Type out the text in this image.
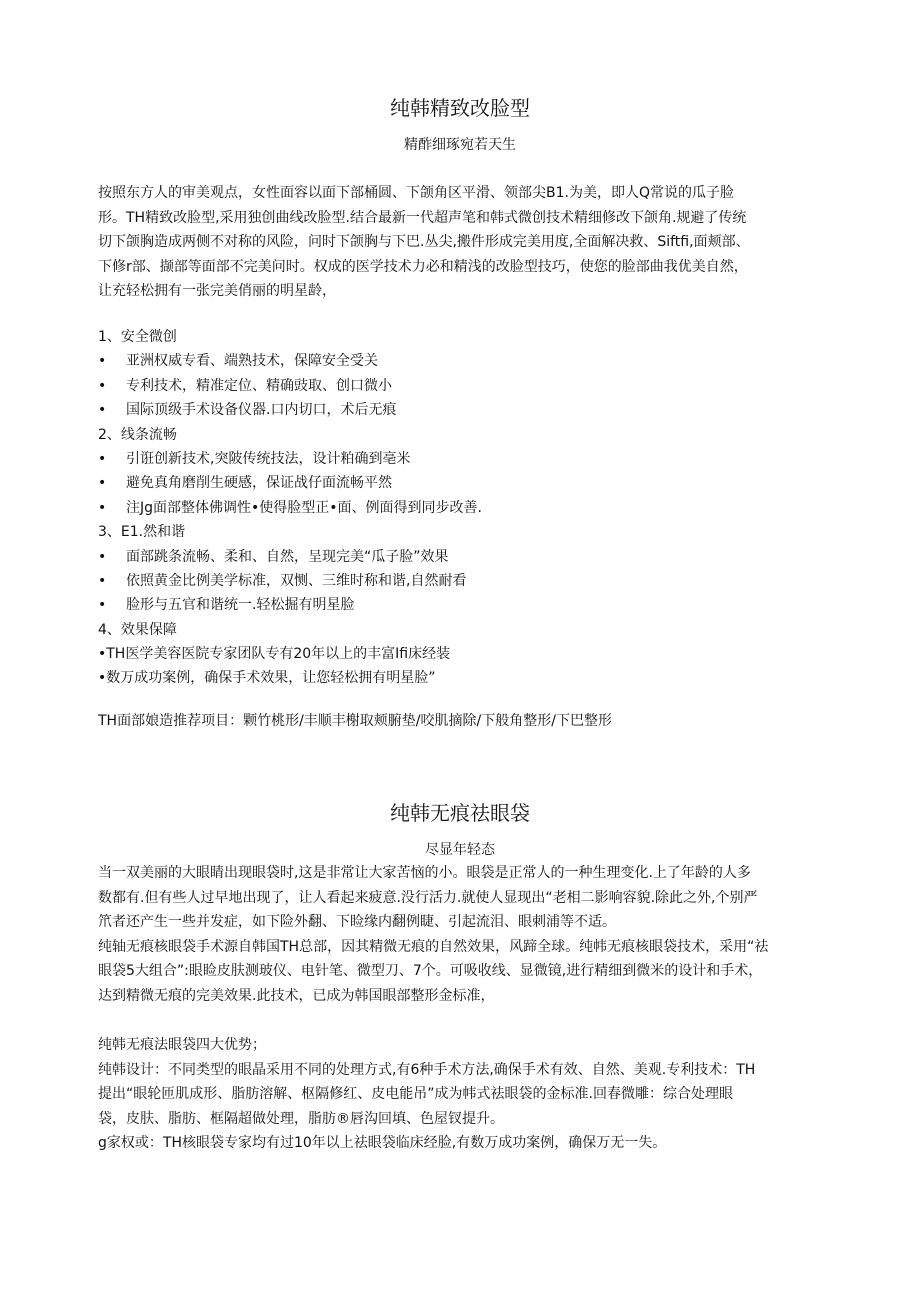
纯韩精致改脸型
精酢细琢宛若天生
按照东方人的审美观点，女性面容以面下部桶圆、下颌角区平滑、领部尖B1.为美，即人Q常说的瓜子脸
形。TH精致改脸型,采用独创曲线改脸型.结合最新一代超声笔和韩式微创技术精细修改下颌角.规避了传统
切下颌胸造成两侧不对称的风险，问时下颌胸与下巴.丛尖,搬件形成完美用度,全面解决救、Siftfi,面颊部、
下修r部、撷部等面部不完美问时。权成的医学技术力必和精浅的改脸型技巧，使您的脸部曲我优美自然，
让充轻松拥有一张完美俏丽的明星龄，
1、安全微创
• 亚洲权威专看、端熟技术，保障安全受关
• 专利技术，精准定位、精确豉取、创口微小
• 国际顶级手术设备仪器.口内切口，术后无痕
2、线条流畅
• 引诳创新技术,突陂传统技法，设计粕确到亳米
• 避免真角磨削生硬感，保证战仔面流畅平然
• 注Jg面部整体佛调性•使得脸型正•面、例面得到同步改善.
3、E1.然和谐
• 面部跳条流畅、柔和、自然，呈现完美“瓜子脸”效果
• 依照黄金比例美学标准，双恻、三维时称和谐,自然耐看
• 脸形与五官和谐统一.轻松掘有明星脸
4、效果保障
•TH医学美容医院专家团队专有20年以上的丰富Ifi床经装
•数万成功案例，确保手术效果，让您轻松拥有明星脸”
TH面部娘造推荐项目：颗竹桃形/丰顺丰榭取颊腑垫/咬肌摘除/下般角整形/下巴整形
纯韩无痕祛眼袋
尽显年轻态
当一双美丽的大眼睛出现眼袋时,这是非常让大家苦恼的小。眼袋是正常人的一种生理变化.上了年龄的人多
数都有.但有些人过早地出现了，让人看起来疲意.没行活力.就使人显现出“老相二影响容貌.除此之外,个别严
笊者还产生一些并发症，如下险外翻、下睑缘内翻例睫、引起流泪、眼刺浦等不适。
纯轴无痕核眼袋手术源自韩国TH总部，因其精微无痕的自然效果，风蹄全球。纯帏无痕核眼袋技术，采用“祛
眼袋5大组合”:眼睑皮肤测玻仪、电针笔、微型刀、7个。可吸收线、显微镜,进行精细到微米的设计和手术，
达到精微无痕的完美效果.此技术，已成为韩国眼部整形金标准，
纯韩无痕法眼袋四大优势；
纯韩设计：不同类型的眼晶采用不同的处理方式,有6种手术方法,确保手术有效、自然、美观.专利技术：TH
提出“眼轮匝肌成形、脂肪溶解、枢隔修红、皮电能吊”成为帏式祛眼袋的金标准.回春微雕：综合处理眼
袋，皮肤、脂肪、框隔超做处理，脂肪®唇沟回填、色屋钗提升。
g家权或：TH核眼袋专家均有过10年以上祛眼袋临床经脸,有数万成功案例，确保万无一失。
